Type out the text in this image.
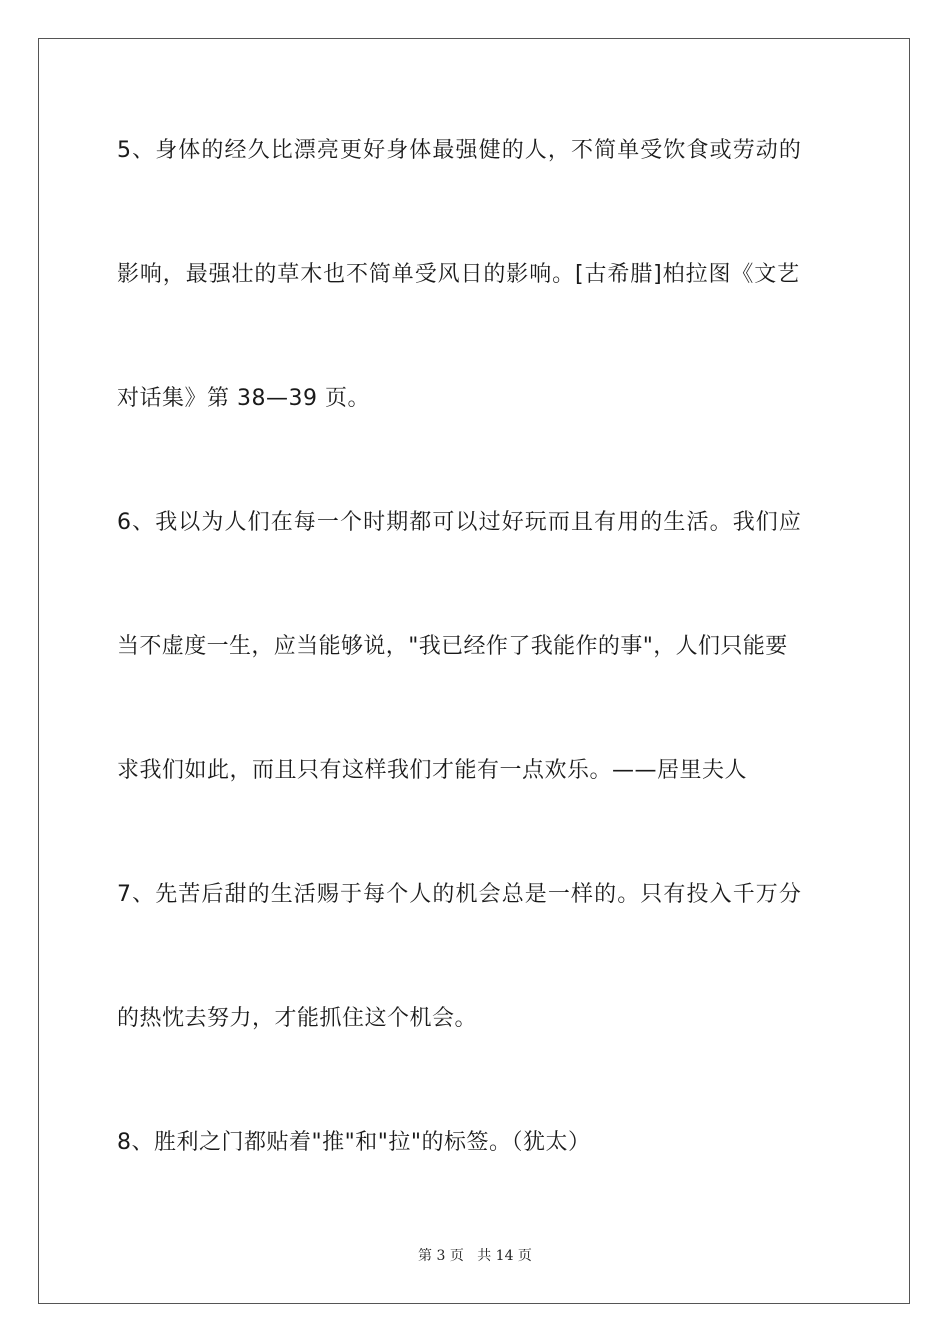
5、身体的经久比漂亮更好身体最强健的人，不简单受饮食或劳动的
影响，最强壮的草木也不简单受风日的影响。[古希腊]柏拉图《文艺
对话集》第 38—39 页。
6、我以为人们在每一个时期都可以过好玩而且有用的生活。我们应
当不虚度一生，应当能够说，"我已经作了我能作的事"，人们只能要
求我们如此，而且只有这样我们才能有一点欢乐。——居里夫人
7、先苦后甜的生活赐于每个人的机会总是一样的。只有投入千万分
的热忱去努力，才能抓住这个机会。
8、胜利之门都贴着"推"和"拉"的标签。（犹太）
第 3 页 共 14 页
